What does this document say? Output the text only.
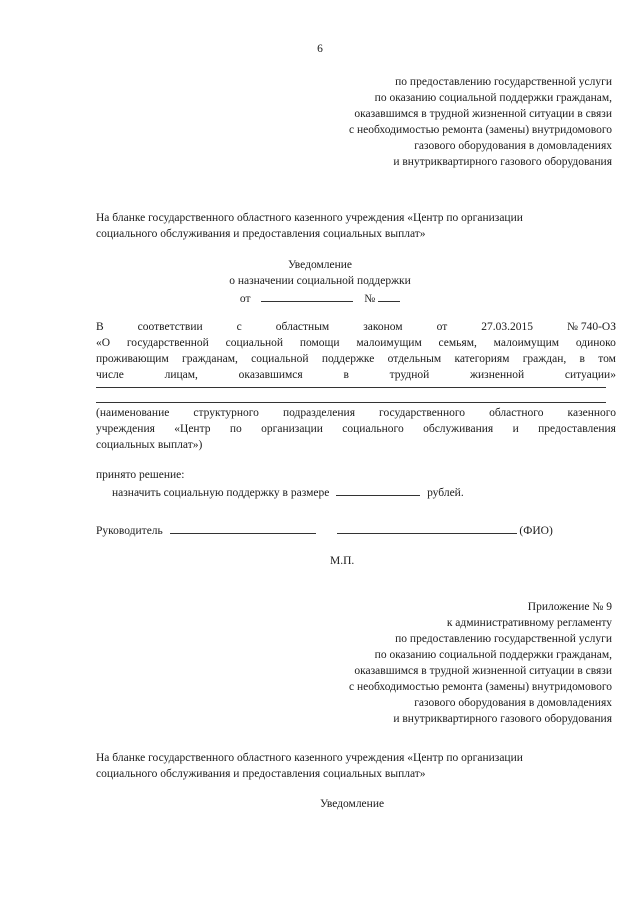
6
по предоставлению государственной услуги
по оказанию социальной поддержки гражданам,
оказавшимся в трудной жизненной ситуации в связи
с необходимостью ремонта (замены) внутридомового
газового оборудования в домовладениях
и внутриквартирного газового оборудования
На бланке государственного областного казенного учреждения «Центр по организации
социального обслуживания и предоставления социальных выплат»
Уведомление
о назначении социальной поддержки
от	№
В	соответствии	с	областным	законом	от	27.03.2015	№ 740-ОЗ
«О государственной социальной помощи малоимущим семьям, малоимущим одиноко
проживающим гражданам, социальной поддержке отдельным категориям граждан, в том
числе	лицам,	оказавшимся	в	трудной	жизненной	ситуации»
(наименование структурного подразделения государственного областного казенного
учреждения «Центр по организации социального обслуживания и предоставления
социальных выплат»)
принято решение:
назначить социальную поддержку в размере	рублей.
Руководитель	(ФИО)
М.П.
Приложение № 9
к административному регламенту
по предоставлению государственной услуги
по оказанию социальной поддержки гражданам,
оказавшимся в трудной жизненной ситуации в связи
с необходимостью ремонта (замены) внутридомового
газового оборудования в домовладениях
и внутриквартирного газового оборудования
На бланке государственного областного казенного учреждения «Центр по организации
социального обслуживания и предоставления социальных выплат»
Уведомление
